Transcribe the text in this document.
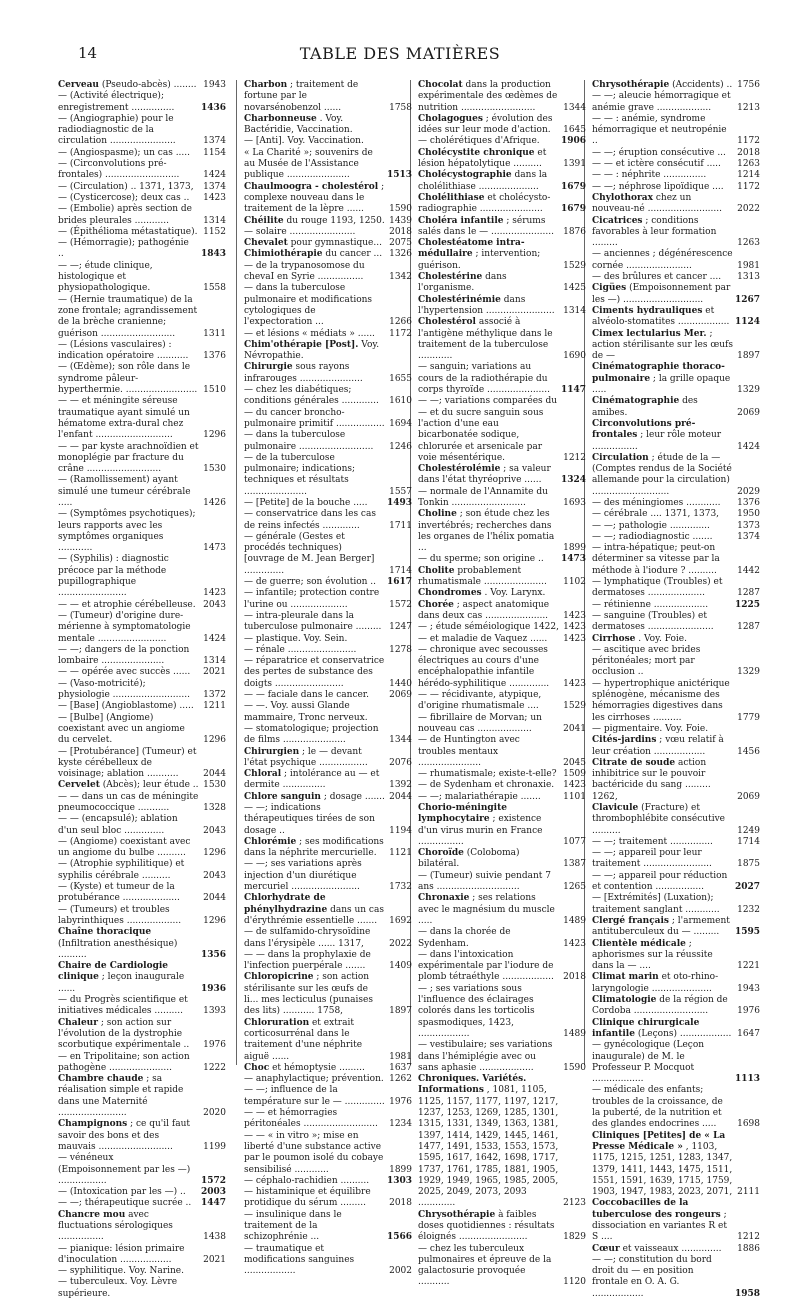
14	TABLE DES MATIÈRES
Cerveau (Pseudo-abcès) ........ 1943
— (Activité électrique); enregistrement ...............	1436
— (Angiographie) pour le radiodiagnostic de la circulation .......................	1374
— (Angiospasme); un cas .....	1154
— (Circonvolutions pré-frontales) ..........................	1424
— (Circulation) .. 1371, 1373,	1374
— (Cysticercose); deux cas ..	1423
— (Embolie) après section de brides pleurales ............	1314
— (Épithélioma métastatique). 1152
— (Hémorragie); pathogénie ..	1843
— —; étude clinique, histologique et physiopathologique.	1558
— (Hernie traumatique) de la zone frontale; agrandissement de la brèche cranienne; guérison ..........................	1311
— (Lésions vasculaires) : indication opératoire ...........	1376
— (Œdème); son rôle dans le syndrome pâleur-hyperthermie. ......................... 1510
— — et méningite séreuse traumatique ayant simulé un hématome extra-dural chez l'enfant ...........................	1296
— — par kyste arachnoïdien et monoplégie par fracture du crâne ..........................	1530
— (Ramollissement) ayant simulé une tumeur cérébrale .....	1426
— (Symptômes psychotiques); leurs rapports avec les symptômes organiques ............	1473
— (Syphilis) : diagnostic précoce par la méthode pupillographique ........................	1423
— — et atrophie cérébelleuse. 2043
— (Tumeur) d'origine dure-mérienne à symptomatologie mentale ........................	1424
— —; dangers de la ponction lombaire ......................	1314
— — opérée avec succès ......	2021
— (Vaso-motricité); physiologie ...........................	1372
— [Base] (Angioblastome) .....	1211
— [Bulbe] (Angiome) coexistant avec un angiome du cervelet.	1296
— [Protubérance] (Tumeur) et kyste cérébelleux de voisinage; ablation ...........	2044
Cervelet (Abcès); leur étude .. 1530
— — dans un cas de méningite pneumococcique ...........	1328
— — (encapsulé); ablation d'un seul bloc ..............	2043
— (Angiome) coexistant avec un angiome du bulbe ..........	1296
— (Atrophie syphilitique) et syphilis cérébrale ..........	2043
— (Kyste) et tumeur de la protubérance ....................	2044
— (Tumeurs) et troubles labyrinthiques ...................	1296
Chaîne thoracique (Infiltration anesthésique) ..........	1356
Chaire de Cardiologie clinique ; leçon inaugurale ......	1936
— du Progrès scientifique et initiatives médicales ..........	1393
Chaleur ; son action sur l'évolution de la dystrophie scorbutique expérimentale ..	1976
— en Tripolitaine; son action pathogène ......................	1222
Chambre chaude ; sa réalisation simple et rapide dans une Maternité ........................	2020
Champignons ; ce qu'il faut savoir des bons et des mauvais ..........................	1199
— vénéneux (Empoisonnement par les —) .................	1572
— (Intoxication par les —) ..	2003
— —; thérapeutique sucrée ..	1447
Chancre mou avec fluctuations sérologiques ................	1438
— pianique: lésion primaire d'inoculation ..................	2021
— syphilitique. Voy. Narine.
— tuberculeux. Voy. Lèvre supérieure.
Charbon ; traitement de fortune par le novarsénobenzol ......	1758
Charbonneuse . Voy. Bactéridie, Vaccination.
— [Anti]. Voy. Vaccination.
« La Charité »; souvenirs de au Musée de l'Assistance publique ......................	1513
Chaulmoogra - cholestérol ; complexe nouveau dans le traitement de la lèpre ......	1590
Chéilite du rouge 1193, 1250. 1439
— solaire .......................	2018
Chevalet pour gymnastique... 2075
Chimiothérapie du cancer ... 1326
— de la trypanosomose du chevaI en Syrie ................	1342
— dans la tuberculose pulmonaire et modifications cytologiques de l'expectoration ...	1266
— et lésions « médiats » ......	1172
Chim'othérapie [Post]. Voy. Névropathie.
Chirurgie sous rayons infrarouges ......................	1655
— chez les diabétiques; conditions générales .............	1610
— du cancer broncho-pulmonaire primitif ................. 1694
— dans la tuberculose pulmonaire ..........................	1246
— de la tuberculose pulmonaire; indications; techniques et résultats ......................	1557
— [Petite] de la bouche .....	1493
— conservatrice dans les cas de reins infectés .............	1711
— générale (Gestes et procédés techniques) [ouvrage de M. Jean Berger] ..............	1714
— de guerre; son évolution ..	1617
— infantile; protection contre l'urine ou ....................	1572
— intra-pleurale dans la tuberculose pulmonaire ......... 1247
— plastique. Voy. Sein.
— rénale ........................	1278
— réparatrice et conservatrice des pertes de substance des doigts ........................	1440
— — faciale dans le cancer.	2069
— —. Voy. aussi Glande mammaire, Tronc nerveux.
— stomatologique; projection de films ......................	1344
Chirurgien ; le — devant l'état psychique .................	2076
Chloral ; intolérance au — et dermite ...............	1392
Chlore sanguin ; dosage ....... 2044
— —; indications thérapeutiques tirées de son dosage ..	1194
Chlorémie ; ses modifications dans la néphrite mercurielle.	1121
— —; ses variations après injection d'un diurétique mercuriel ........................	1732
Chlorhydrate de phénylhydrazine dans un cas d'érythrémie essentielle .......	1692
— de sulfamido-chrysoïdine dans l'érysipèle ...... 1317,	2022
— — dans la prophylaxie de l'infection puerpérale .......	1409
Chloropicrine ; son action stérilisante sur les œufs de li... mes lecticulus (punaises des lits) ........... 1758,	1897
Chloruration et extrait corticosurrénal dans le traitement d'une néphrite aiguë ......	1981
Choc et hémoptysie .........	1637
— anaphylactique; prévention. 1262
— —; influence de la température sur le — .............. 1976
— — et hémorragies péritonéales ..........................	1234
— — « in vitro »; mise en liberté d'une substance active par le poumon isolé du cobaye sensibilisé ............	1899
— céphalo-rachidien ..........	1303
— histaminique et équilibre protidique du sérum .........	2018
— insulinique dans le traitement de la schizophrénie ...	1566
— traumatique et modifications sanguines ..................	2002
Chocolat dans la production expérimentale des œdèmes de nutrition ..........................	1344
Cholagogues ; évolution des idées sur leur mode d'action.	1645
— cholérétiques d'Afrique.	1906
Cholécystite chronique et lésion hépatolytique ..........	1391
Cholécystographie dans la cholélithiase .....................	1679
Cholélithiase et cholécysto-radiographie ......................	1679
Choléra infantile ; sérums salés dans le — ......................	1876
Cholestéatome intra-médullaire ; intervention; guérison.	1529
Cholestérine dans l'organisme.	1425
Cholestérinémie dans l'hypertension ........................ 1314
Cholestérol associé à l'antigène méthylique dans le traitement de la tuberculose ............	1690
— sanguin; variations au cours de la radiothérapie du corps thyroïde ......................	1147
— —; variations comparées du — et du sucre sanguin sous l'action d'une eau bicarbonatée sodique, chlorurée et arsenicale par voie mésentérique.	1212
Cholestérolémie ; sa valeur dans l'état thyréoprive ......	1324
— normale de l'Annamite du Tonkin ..........................	1693
Choline ; son étude chez les invertébrés; recherches dans les organes de l'hélix pomatia ...	1899
— du sperme; son origine ..	1473
Cholite probablement rhumatismale ......................	1102
Chondromes . Voy. Larynx.
Chorée ; aspect anatomique dans deux cas ......................	1423
— ; étude séméiologique 1422, 1423
— et maladie de Vaquez ......	1423
— chronique avec secousses électriques au cours d'une encéphalopathie infantile hérédo-syphilitique ..............	1423
— — récidivante, atypique, d'origine rhumatismale ....	1529
— fibrillaire de Morvan; un nouveau cas ...................	2041
— de Huntington avec troubles mentaux ......................	2045
— rhumatismale; existe-t-elle? 1509
— de Sydenham et chronaxie. 1423
— —; malariathérapie .......	1101
Chorio-méningite lymphocytaire ; existence d'un virus murin en France ................	1077
Choroïde (Coloboma) bilatéral.	1387
— (Tumeur) suivie pendant 7 ans .............................	1265
Chronaxie ; ses relations avec le magnésium du muscle .....	1489
— dans la chorée de Sydenham.	1423
— dans l'intoxication expérimentale par l'iodure de plomb tétraéthyle ..................	2018
— ; ses variations sous l'influence des éclairages colorés dans les torticolis spasmodiques, 1423, ..................	1489
— vestibulaire; ses variations dans l'hémiplégie avec ou sans aphasie ...................	1590
Chroniques. Variétés. Informations , 1081, 1105, 1125, 1157, 1177, 1197, 1217, 1237, 1253, 1269, 1285, 1301, 1315, 1331, 1349, 1363, 1381, 1397, 1414, 1429, 1445, 1461, 1477, 1491, 1533, 1553, 1573, 1595, 1617, 1642, 1698, 1717, 1737, 1761, 1785, 1881, 1905, 1929, 1949, 1965, 1985, 2005, 2025, 2049, 2073, 2093 .............	2123
Chrysothérapie à faibles doses quotidiennes : résultats éloignés ........................	1829
— chez les tuberculeux pulmonaires et épreuve de la galactosurie provoquée ...........	1120
Chrysothérapie (Accidents) .. 1756
— —; aleucie hémorragique et anémie grave ...................	1213
— — : anémie, syndrome hémorragique et neutropénie ..	1172
— —; éruption consécutive ...	2018
— — et ictère consécutif .....	1263
— — : néphrite ...............	1214
— —; néphrose lipoïdique ....	1172
Chylothorax chez un nouveau-né ..........................	2022
Cicatrices ; conditions favorables à leur formation .........	1263
— anciennes ; dégénérescence cornée .......................	1981
— des brûlures et cancer ....	1313
Cigües (Empoisonnement par les —) ............................	1267
Ciments hydrauliques et alvéolo-stomatites .................. 1124
Cimex lectularius Mer. ; action stérilisante sur les œufs de —	1897
Cinématographie thoraco-pulmonaire ; la grille opaque .....	1329
Cinématographie des amibes.	2069
Circonvolutions pré-frontales ; leur rôle moteur ................	1424
Circulation ; étude de la — (Comptes rendus de la Société allemande pour la circulation) ...........................	2029
— des méningiomes ............	1376
— cérébrale .... 1371, 1373,	1950
— —; pathologie ..............	1373
— —; radiodiagnostic .......	1374
— intra-hépatique; peut-on déterminer sa vitesse par la méthode à l'iodure ? ..........	1442
— lymphatique (Troubles) et dermatoses ....................	1287
— rétinienne ...................	1225
— sanguine (Troubles) et dermatoses .......................	1287
Cirrhose . Voy. Foie.
— ascitique avec brides péritonéales; mort par occlusion ..	1329
— hypertrophique anictérique splénogène, mécanisme des hémorragies digestives dans les cirrhoses ..........	1779
— pigmentaire. Voy. Foie.
Cités-jardins ; vœu relatif à leur création ..................	1456
Citrate de soude action inhibitrice sur le pouvoir bactéricide du sang ......... 1262,	2069
Clavicule (Fracture) et thrombophlébite consécutive ..........	1249
— —; traitement ...............	1714
— —; appareil pour leur traitement ........................	1875
— —; appareil pour réduction et contention .................	2027
— [Extrémités] (Luxation); traitement sanglant ............	1232
Clergé français ; l'armement antituberculeux du — .........	1595
Clientèle médicale ; aphorismes sur la réussite dans la — ....	1221
Climat marin et oto-rhino-laryngologie .....................	1943
Climatologie de la région de Cordoba ..........................	1976
Clinique chirurgicale infantile (Leçons) .................. 1647
— gynécologique (Leçon inaugurale) de M. le Professeur P. Mocquot ..................	1113
— médicale des enfants; troubles de la croissance, de la puberté, de la nutrition et des glandes endocrines .....	1698
Cliniques [Petites] de « La Presse Médicale » , 1103, 1175, 1215, 1251, 1283, 1347, 1379, 1411, 1443, 1475, 1511, 1551, 1591, 1639, 1715, 1759, 1903, 1947, 1983, 2023, 2071, 2111
Coccobacilles de la tuberculose des rongeurs ; dissociation en variantes R et S ....	1212
Cœur et vaisseaux ..............	1886
— —; constitution du bord droit du — en position frontale en O. A. G. ..................	1958
